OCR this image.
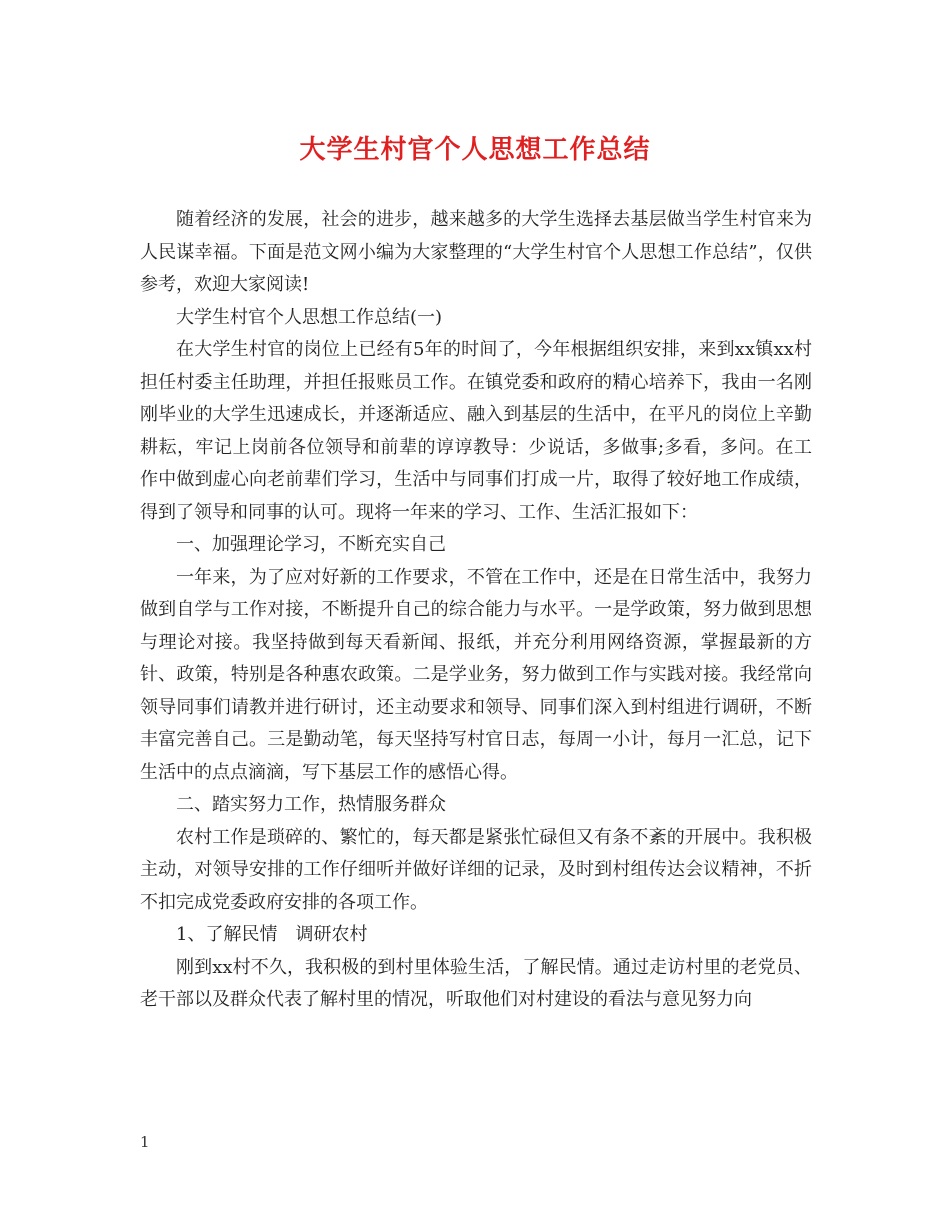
大学生村官个人思想工作总结

随着经济的发展，社会的进步，越来越多的大学生选择去基层做当学生村官来为人民谋幸福。下面是范文网小编为大家整理的“大学生村官个人思想工作总结”，仅供参考，欢迎大家阅读!

大学生村官个人思想工作总结(一)

在大学生村官的岗位上已经有5年的时间了，今年根据组织安排，来到xx镇xx村担任村委主任助理，并担任报账员工作。在镇党委和政府的精心培养下，我由一名刚刚毕业的大学生迅速成长，并逐渐适应、融入到基层的生活中，在平凡的岗位上辛勤耕耘，牢记上岗前各位领导和前辈的谆谆教导：少说话，多做事;多看，多问。在工作中做到虚心向老前辈们学习，生活中与同事们打成一片，取得了较好地工作成绩，得到了领导和同事的认可。现将一年来的学习、工作、生活汇报如下：

一、加强理论学习，不断充实自己

一年来，为了应对好新的工作要求，不管在工作中，还是在日常生活中，我努力做到自学与工作对接，不断提升自己的综合能力与水平。一是学政策，努力做到思想与理论对接。我坚持做到每天看新闻、报纸，并充分利用网络资源，掌握最新的方针、政策，特别是各种惠农政策。二是学业务，努力做到工作与实践对接。我经常向领导同事们请教并进行研讨，还主动要求和领导、同事们深入到村组进行调研，不断丰富完善自己。三是勤动笔，每天坚持写村官日志，每周一小计，每月一汇总，记下生活中的点点滴滴，写下基层工作的感悟心得。

二、踏实努力工作，热情服务群众

农村工作是琐碎的、繁忙的，每天都是紧张忙碌但又有条不紊的开展中。我积极主动，对领导安排的工作仔细听并做好详细的记录，及时到村组传达会议精神，不折不扣完成党委政府安排的各项工作。

1、了解民情　调研农村

刚到xx村不久，我积极的到村里体验生活，了解民情。通过走访村里的老党员、老干部以及群众代表了解村里的情况，听取他们对村建设的看法与意见努力向

1
